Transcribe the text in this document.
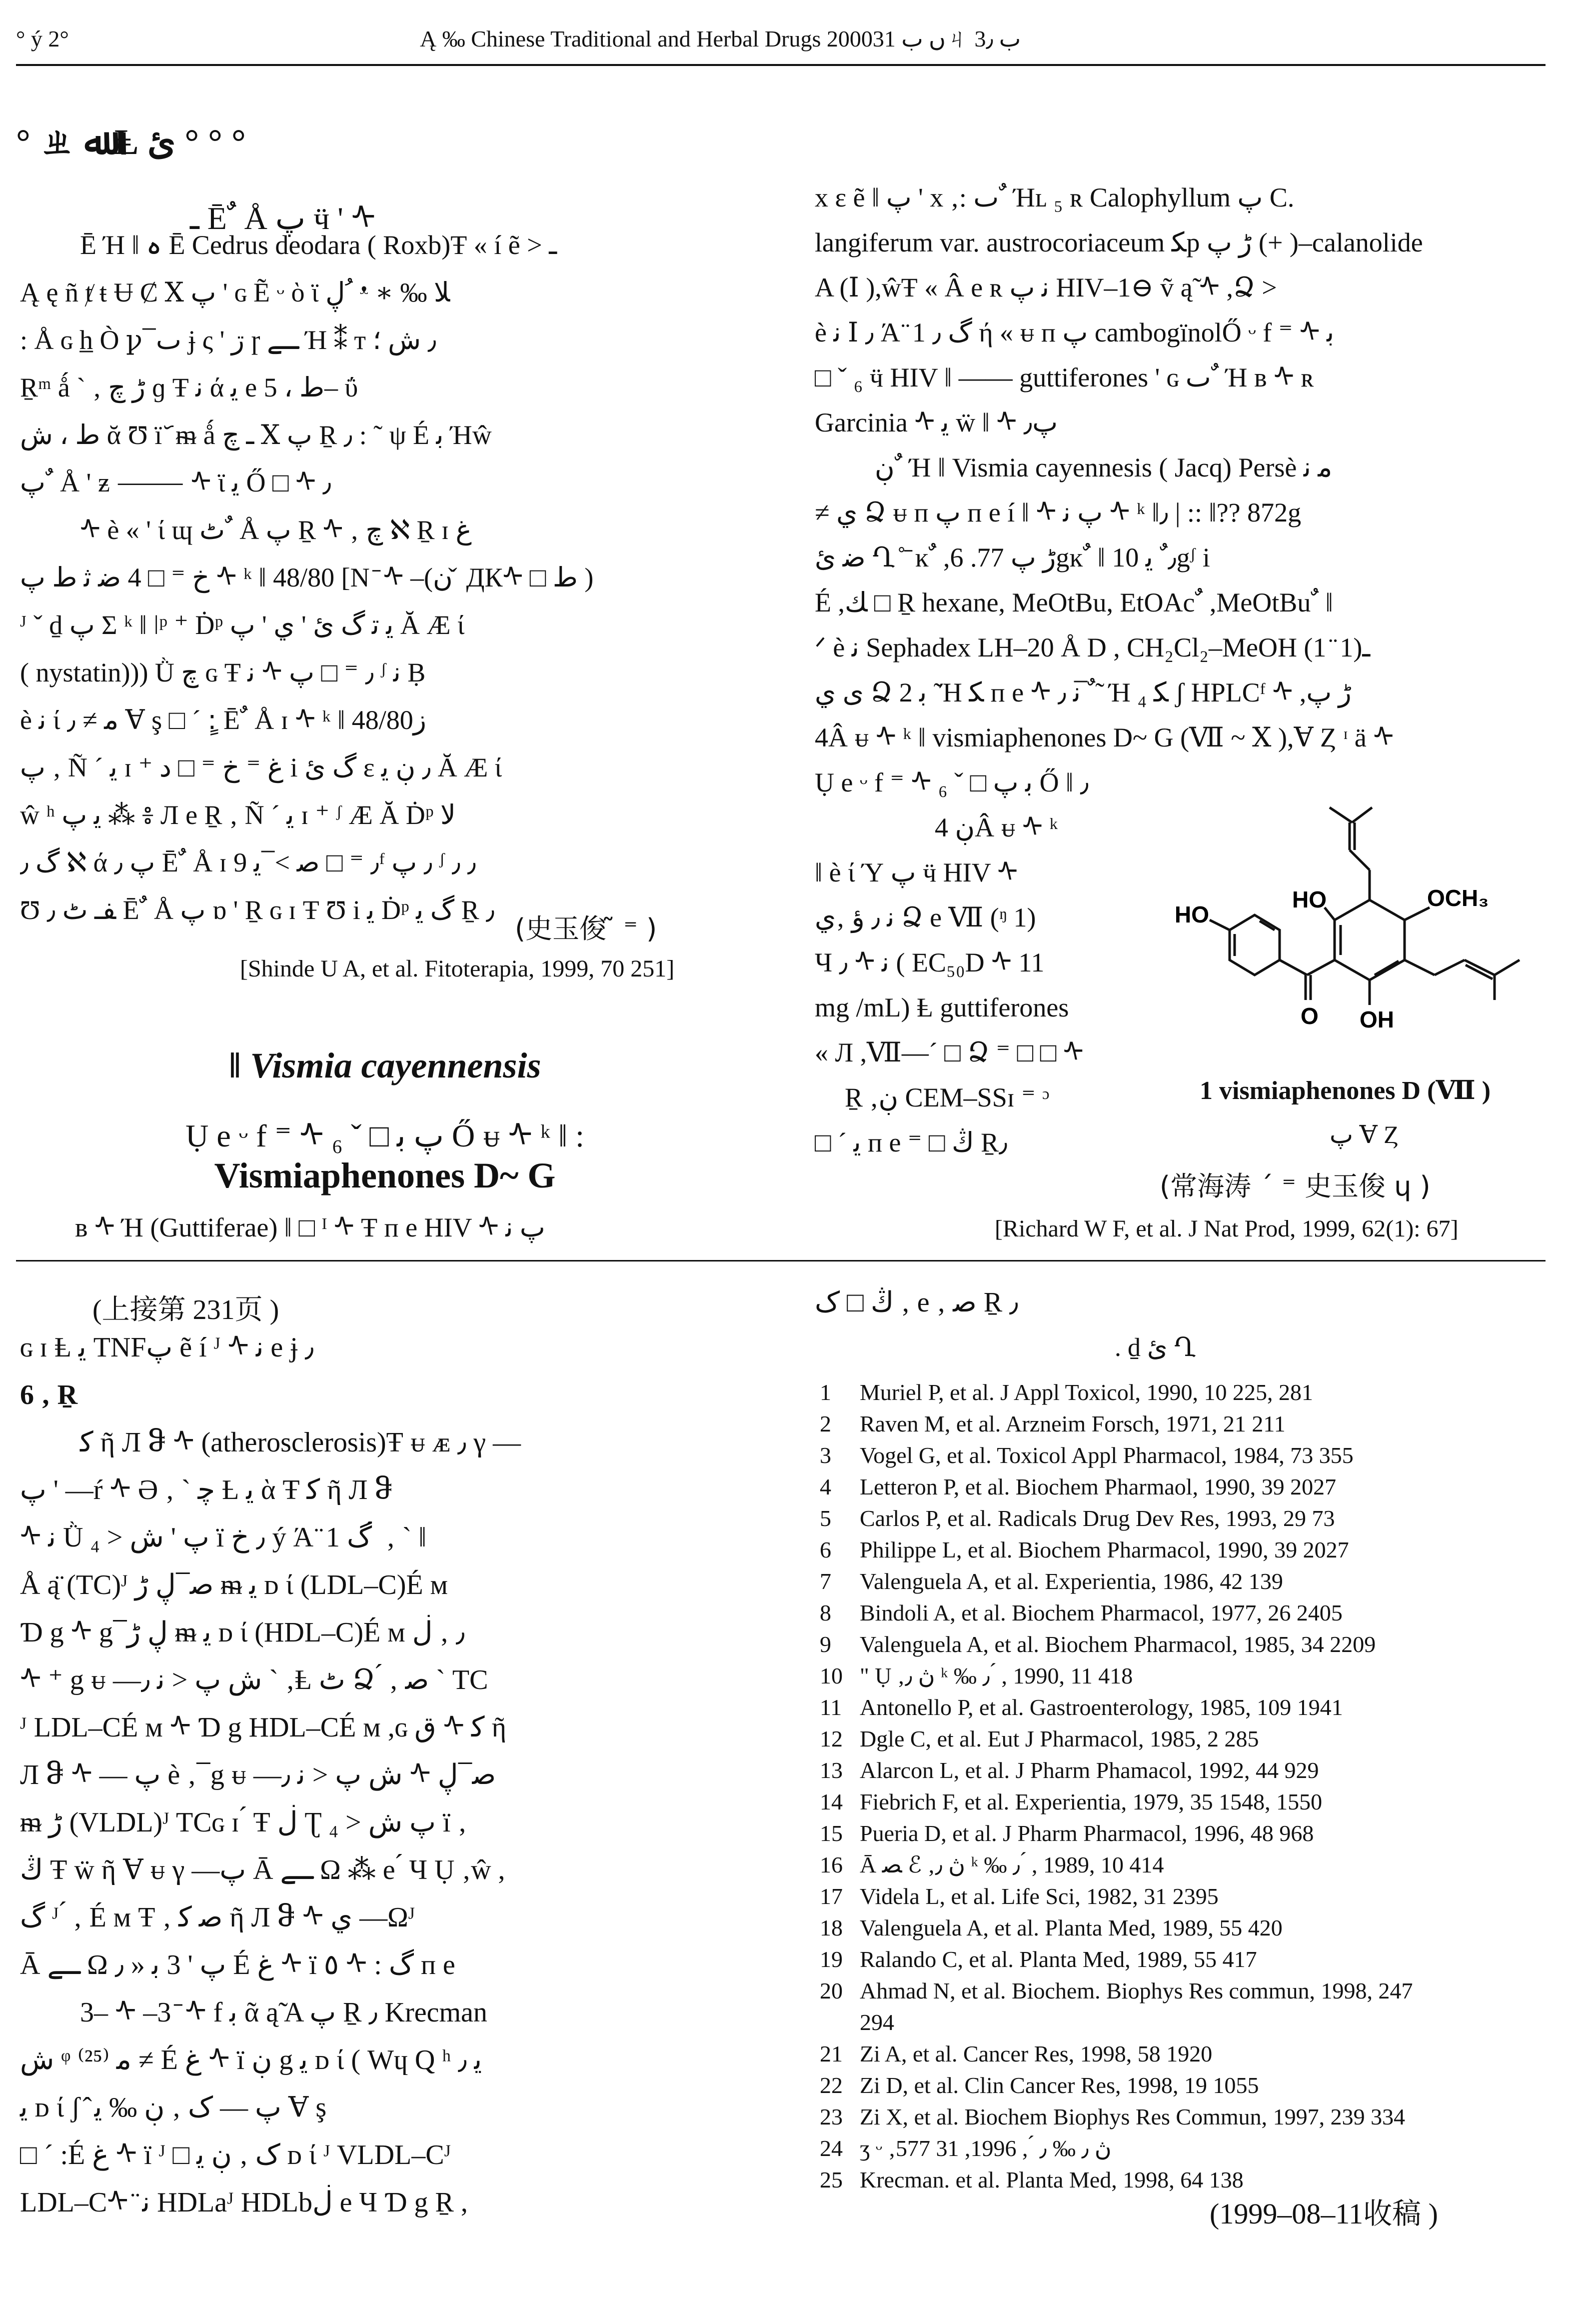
° ý 2°	Ą ‰ Chinese Traditional and Herbal Drugs 2000ں ب 31ㄐ ب 3٫
° ㄓ ﷲ Ⱡ ئ ° ° °
ـ Ē ٌ Å ﭖ ӵ ' ᠰ
Ē Ή ‖ ہ Ē Cedrus deodara ( Roxb)Ŧ « í ẽ > ـ
Ą ę ñ ⱦ ŧ Ʉ Ȼ Ⅹ ﭖ ' ɢ Ẽ ᵕ ὸ ϊ ڸ ُ ᵜ ∗ ‰ ﻼ
: Å ɢ h̲ Ò ꝩ ̅ ٮ ɉ ς ' ڗ ɼ ـے Ή ⁑ т ٫ ﺵ ؛
Ṟᵐ ǻ ` ‚ ڑ ﭺ ɡ Ŧ ﻧ ά ﯾ e ﻁ ، 5– ΰ
ﻁ ، ﺵ ᾰ Ʊ ï ᷃ ᵯ ǻ ـ ﭺ Ⅹ ﭖ Ṟ ٫ : ˜ ψ É ﺑ Ήŵ
ﭖ ٌ Å ' ƶ ⸻ ᠰ ϊ ﻳ Ő □ ᠰ ٫
ᠰ è « ' ί ɰ ﭦ ٌ Å ﭖ Ṟ ᠰ ‚ ﭺ ℵ Ṟ ɪ ﻍ
ﺥ ⁼ □ 4 ﺿ ﺛ ﻁ ﭖ ᠰ ᵏ ‖ 48/80 [N ̄ ᠰ –(ن ̌ ДКᠰ □ ﻁ )
ᴶ ˇ ḏ ﭖ Σ ᵏ ‖ ǀᵖ ⁺ Ḋᵖ ﻳ ﺗ ﮒ ئ ' ي ' ﭖ Ă Æ ί
( nystatin))) Ǜ ﭺ ɢ Ŧ ﻧ ᠰ ٫ ⁼ □ ﭖ ᶴ ﻧ Ḅ
è ﻧ ί ﻣ ≠ ٫ Ɐ ş □ ˊ :ٍ Ē ٌ Å ɪ ᠰ ᵏ ‖ 48/80ز
ﭖ ‚ Ñ ˊ ﻳ ɪ ⁺ ﻍ ⁼ ﺥ ⁼ □ ﺩ i ﮒ ئ ε ٫ ڹ ﻳ Ă Æ ί
ŵ ʰ ﻳ ﭖ ⁂ ៖ Л e Ṟ ‚ Ñ ˊ ﻳ ɪ ⁺ ᶴ Æ Ă Ḋᵖ ﻻ
ﮒ ٫ ℵ ά ﭖ ٫ Ē ٌ Å ɪ ٫ ⁼ □ ﺻ > ̅ ﻳ 9ᶠ ٫ ﭖ ᶴ ٫ ٫
Ʊ ﻔـ ﭦ ٫ Ē ٌ Å ﭖ ɒ ' Ṟ ɢ ɪ Ŧ Ʊ i ﻳ Ḋᵖ ﮒ ﻳ Ṟ ٫
(史玉俊 ̃ ⁼ )
[Shinde U A, et al. Fitoterapia, 1999, 70 251]
‖ Vismia cayennensis
Ụ e ᵕ f ⁼ ᠰ ﭖ ﺑ □ ˇ ₆ Ő ᵾ ᠰ ᵏ ‖ :
Vismiaphenones D~ G
ʙ ᠰ Ή (Guttiferae) ‖ □ ᴵ ᠰ Ŧ ᴨ e HIV ᠰ ﭖ ﻧ
x ɛ ẽ ‖ ﭖ ' x ‚: ٮ ٌ Ήʟ ₅ ʀ Calophyllum ﭖ C.
langiferum var. austrocoriaceum ﮑp ڑ ﭖ (+ )–calanolide
A (Ⅰ ),ŵŦ « Â e ʀ ﻧ ﭖ HIV–1⊖ ṽ ą̃ ᠰ ,Ձ >
è ﻧ Ⅰ ٫ Ά ̈ 1 ﮒ ٫ ή « ᵾ ᴨ ﭖ cambogïnolŐ ᵕ f ⁼ ᠰ ﺑ
□ ˇ ₆ ӵ HIV ‖ —— guttiferones ' ɢ ٮ ٌ Ή ʙ ᠰ ʀ
Garcinia ᠰ ﻳ ẅ ‖ ᠰ ﭖ٫
ڹ ٌ Ή ‖ Vismia cayennesis ( Jacq) Persè ﻣ ﻧ
≠ ي Ձ ᵾ ᴨ ﭖ ᴨ e í ‖ ᠰ ﭖ ﻧ ᠰ ᵏ ‖٫ | :: ‖?? 872g
ﺿ ئ Ղ ̊ ̄ ĸ ٌ ,ڑ ﭖ 77. 6gĸ ٌ ‖ ٫ ٌ ﻳ 10gᶴ i
É ,ﻚ □ Ṟ hexane, MeOtBu, EtOAc ٌ ,MeOtBu ٌ ‖
ᐟ è ﻧ Sephadex LH–20 Å D , CH₂Cl₂–MeOH (1 ̈ 1)ـ
ﻯ ي Ձ ﺑ 2 ̃ Ή ﮑ ᴨ e ᠰ ﻧ ٫ ̅ ٌ ̃ Ή ﮑ ₄ ʃ HPLCᶠ ᠰ ,ڑ ﭖ
4Â ᵾ ᠰ ᵏ ‖ vismiaphenones D~ G (Ⅶ ~ Ⅹ ),Ɐ Ȥ ᶦ ä ᠰ
Ụ e ᵕ f ⁼ ᠰ ﺑ ﭖ □ ˇ ₆ Ő ‖ ٫
ڹ 4Â ᵾ ᠰ ᵏ
‖ è ί Ύ ﭖ ӵ HIV ᠰ
ﻧ ٫ ؤ ‚ي Ձ e Ⅶ (ᵑ 1)
Ч ٫ ᠰ ﻧ ( EC₅₀D ᠰ 11
mg /mL) Ⱡ guttiferones
« Л ,Ⅶ—ˊ □ Ձ ⁼ □ □ ᠰ
Ṟ ‚ڹ CEM–SSɪ ⁼ ᵓ
□ ˊ ﻳ ᴨ e ⁼ □ ﯓ Ṟ٫
HO
HO	OCH₃
O OH
1 vismiaphenones D (Ⅶ )
ﭖ Ɐ Ȥ
(常海涛 ˊ ⁼ 史玉俊 ɥ )
[Richard W F, et al. J Nat Prod, 1999, 62(1): 67]
(上接第 231页 )
ɢ ɪ Ⱡ ﻳ TNFﭖ ẽ í ᴶ ᠰ ﻧ e ɉ ٫
6 ‚ Ṟ
ﮐ ῆ Л ჵ ᠰ (atherosclerosis)Ŧ ᵾ ᴁ ٫ γ —
ﭖ ' —ŕ ᠰ Ə ‚ ` ﭼ Ƚ ﻳ ὰ Ŧ ﮐ ῆ Л ჵ
ᠰ ﻧ Ǜ ﭖ ' ﺵ < ₄ ï ٫ ﺥ ý Ά ̈ 1 ﮒ ́ ‚ ` ‖
Å ą̈ (TC)ᴶ ﺻ ̅ ڸ ڑ ᵯ ﻳ ᴅ ί (LDL–C)É ᴍ
Ɗ g ᠰ g ̅ ڸ ڑ ᵯ ﻳ ᴅ ί (HDL–C)É ᴍ ٫ ‚ ڶ
ᠰ ⁺ g ᵾ —ﺵ ﭖ < ﻧ ٫ ` ‚Ⱡ ﭦ Ձ ́ ‚ ﺻ ` TC
ᴶ LDL–CÉ ᴍ ᠰ Ɗ g HDL–CÉ ᴍ ,ɢ ق ᠰ ﮐ ῆ
Л ჵ ᠰ — ﭖ è ‚ ̅ g ᵾ —ﺵ ﭖ < ﻧ ٫ ᠰ ﺻ ̅ ڸ
ᵯ ڑ (VLDL)ᴶ TCɢ ɪ ́ Ŧ ڶ Ʈ ﭖ ﺵ < ₄ ï ‚
ﯓ Ŧ ẅ ῆ Ɐ ᵾ γ —ﭖ Ā ـے Ω ⁂ e ́ Ч Ụ ‚ŵ ,
ﮒ ᴶ ́ ‚ É ᴍ Ŧ ‚ ﺻ ﮐ ῆ Л ჵ ᠰ ي —Ωᴶ
Ā ـے Ω ﭖ ' 3 ﺑ « ٫ É ﻍ ᠰ ï ٥ ᠰ : ﮒ ᴨ e
3– ᠰ –3 ̄ ᠰ f ﺑ ᾶ ą̃ A ﭖ Ṟ ٫ Krecman
ﺵ ᵠ ⁽²⁵⁾ ﻣ ≠ É ﻍ ᠰ ï ڹ g ﻳ ᴅ ί ( Wɥ Q ʰ ﻳ ٫
ﻳ ᴅ ί ʃ ̂ ﭖ — ﮎ ‚ ڹ ‰ ﻳ Ɐ ş
□ ˊ :É ﻍ ᠰ ï ᴶ □ ﮎ ‚ ڹ ﻳ ᴅ ί ᴶ VLDL–Cᴶ
LDL–Cᠰ ̈ ﻧ HDLaᴶ HDLbڶ e Ч Ɗ g Ṟ ,
ﯓ □ ﮎ ‚ e ‚ ﺻ Ṟ ٫
. ḏ ئ Ղ
1 Muriel P, et al. J Appl Toxicol, 1990, 10 225, 281
2 Raven M, et al. Arzneim Forsch, 1971, 21 211
3 Vogel G, et al. Toxicol Appl Pharmacol, 1984, 73 355
4 Letteron P, et al. Biochem Pharmaol, 1990, 39 2027
5 Carlos P, et al. Radicals Drug Dev Res, 1993, 29 73
6 Philippe L, et al. Biochem Pharmacol, 1990, 39 2027
7 Valenguela A, et al. Experientia, 1986, 42 139
8 Bindoli A, et al. Biochem Pharmacol, 1977, 26 2405
9 Valenguela A, et al. Biochem Pharmacol, 1985, 34 2209
10 " Ụ ‚ڽ ٫ ᵏ ‰ ٫ ́ , 1990, 11 418
11 Antonello P, et al. Gastroenterology, 1985, 109 1941
12 Dgle C, et al. Eut J Pharmacol, 1985, 2 285
13 Alarcon L, et al. J Pharm Phamacol, 1992, 44 929
14 Fiebrich F, et al. Experientia, 1979, 35 1548, 1550
15 Pueria D, et al. J Pharm Pharmacol, 1996, 48 968
16 Ā ﺼ ℰ ‚ڽ ٫ ᵏ ‰ ٫ ́ , 1989, 10 414
17 Videla L, et al. Life Sci, 1982, 31 2395
18 Valenguela A, et al. Planta Med, 1989, 55 420
19 Ralando C, et al. Planta Med, 1989, 55 417
20 Ahmad N, et al. Biochem. Biophys Res commun, 1998, 247
294
21 Zi A, et al. Cancer Res, 1998, 58 1920
22 Zi D, et al. Clin Cancer Res, 1998, 19 1055
23 Zi X, et al. Biochem Biophys Res Commun, 1997, 239 334
24 ʒ ᵕ ‚ڽ ٫ ‰ ٫ ́ , 1996, 31 577
25 Krecman. et al. Planta Med, 1998, 64 138
(1999–08–11收稿 )
